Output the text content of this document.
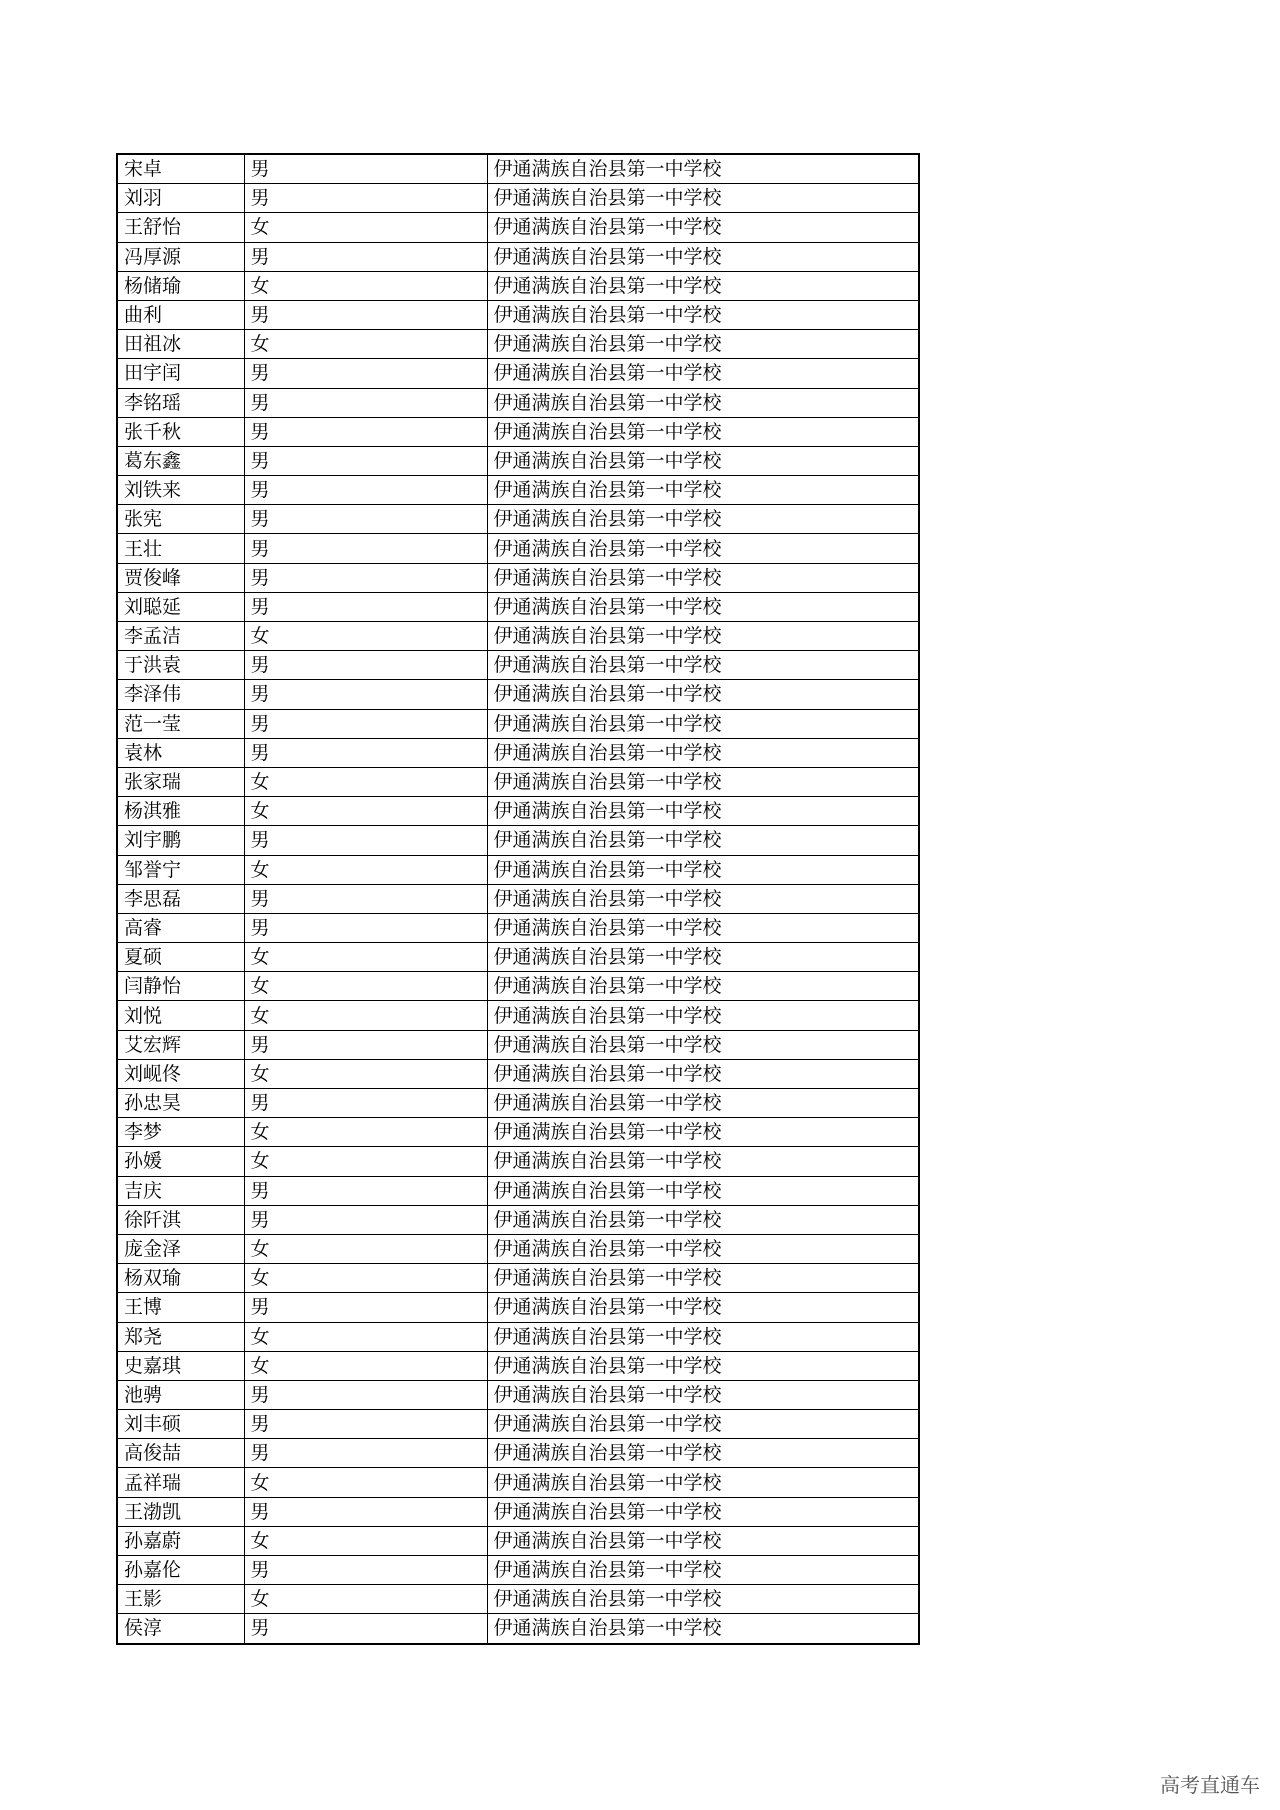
宋卓	男	伊通满族自治县第一中学校
刘羽	男	伊通满族自治县第一中学校
王舒怡	女	伊通满族自治县第一中学校
冯厚源	男	伊通满族自治县第一中学校
杨储瑜	女	伊通满族自治县第一中学校
曲利	男	伊通满族自治县第一中学校
田祖冰	女	伊通满族自治县第一中学校
田宇闰	男	伊通满族自治县第一中学校
李铭瑶	男	伊通满族自治县第一中学校
张千秋	男	伊通满族自治县第一中学校
葛东鑫	男	伊通满族自治县第一中学校
刘铁来	男	伊通满族自治县第一中学校
张宪	男	伊通满族自治县第一中学校
王壮	男	伊通满族自治县第一中学校
贾俊峰	男	伊通满族自治县第一中学校
刘聪延	男	伊通满族自治县第一中学校
李孟洁	女	伊通满族自治县第一中学校
于洪袁	男	伊通满族自治县第一中学校
李泽伟	男	伊通满族自治县第一中学校
范一莹	男	伊通满族自治县第一中学校
袁林	男	伊通满族自治县第一中学校
张家瑞	女	伊通满族自治县第一中学校
杨淇雅	女	伊通满族自治县第一中学校
刘宇鹏	男	伊通满族自治县第一中学校
邹誉宁	女	伊通满族自治县第一中学校
李思磊	男	伊通满族自治县第一中学校
高睿	男	伊通满族自治县第一中学校
夏硕	女	伊通满族自治县第一中学校
闫静怡	女	伊通满族自治县第一中学校
刘悦	女	伊通满族自治县第一中学校
艾宏辉	男	伊通满族自治县第一中学校
刘岘佟	女	伊通满族自治县第一中学校
孙忠昊	男	伊通满族自治县第一中学校
李梦	女	伊通满族自治县第一中学校
孙媛	女	伊通满族自治县第一中学校
吉庆	男	伊通满族自治县第一中学校
徐阡淇	男	伊通满族自治县第一中学校
庞金泽	女	伊通满族自治县第一中学校
杨双瑜	女	伊通满族自治县第一中学校
王博	男	伊通满族自治县第一中学校
郑尧	女	伊通满族自治县第一中学校
史嘉琪	女	伊通满族自治县第一中学校
池骋	男	伊通满族自治县第一中学校
刘丰硕	男	伊通满族自治县第一中学校
高俊喆	男	伊通满族自治县第一中学校
孟祥瑞	女	伊通满族自治县第一中学校
王渤凯	男	伊通满族自治县第一中学校
孙嘉蔚	女	伊通满族自治县第一中学校
孙嘉伦	男	伊通满族自治县第一中学校
王影	女	伊通满族自治县第一中学校
侯淳	男	伊通满族自治县第一中学校
高考直通车
